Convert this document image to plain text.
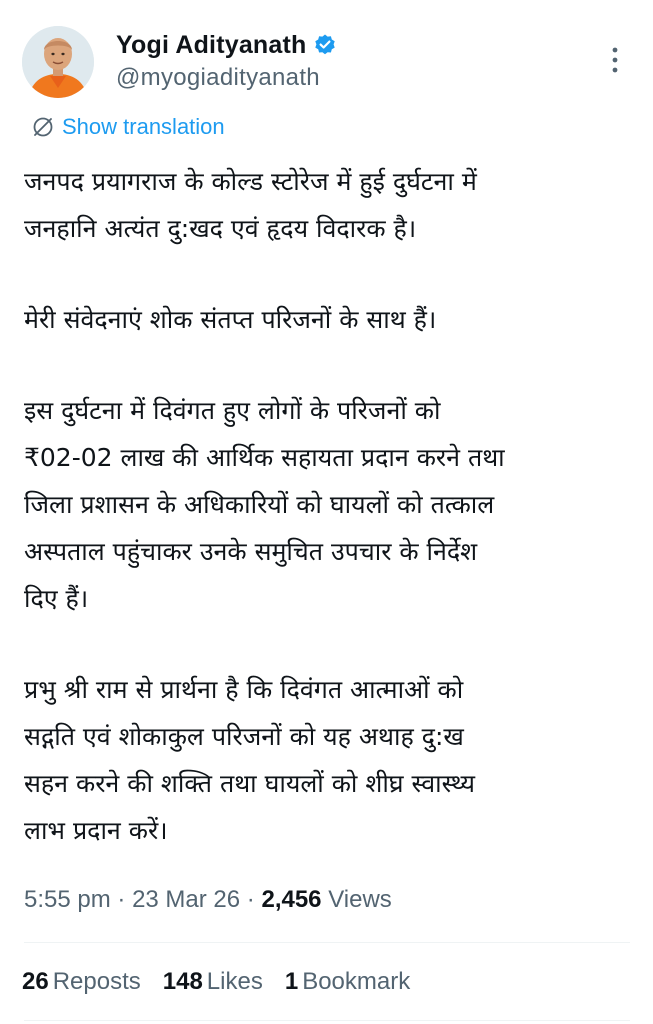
Yogi Adityanath
@myogiadityanath
Show translation

जनपद प्रयागराज के कोल्ड स्टोरेज में हुई दुर्घटना में
जनहानि अत्यंत दु:खद एवं हृदय विदारक है।

मेरी संवेदनाएं शोक संतप्त परिजनों के साथ हैं।

इस दुर्घटना में दिवंगत हुए लोगों के परिजनों को
₹02-02 लाख की आर्थिक सहायता प्रदान करने तथा
जिला प्रशासन के अधिकारियों को घायलों को तत्काल
अस्पताल पहुंचाकर उनके समुचित उपचार के निर्देश
दिए हैं।

प्रभु श्री राम से प्रार्थना है कि दिवंगत आत्माओं को
सद्गति एवं शोकाकुल परिजनों को यह अथाह दु:ख
सहन करने की शक्ति तथा घायलों को शीघ्र स्वास्थ्य
लाभ प्रदान करें।

5:55 pm · 23 Mar 26 · 2,456 Views
26 Reposts 148 Likes 1 Bookmark
